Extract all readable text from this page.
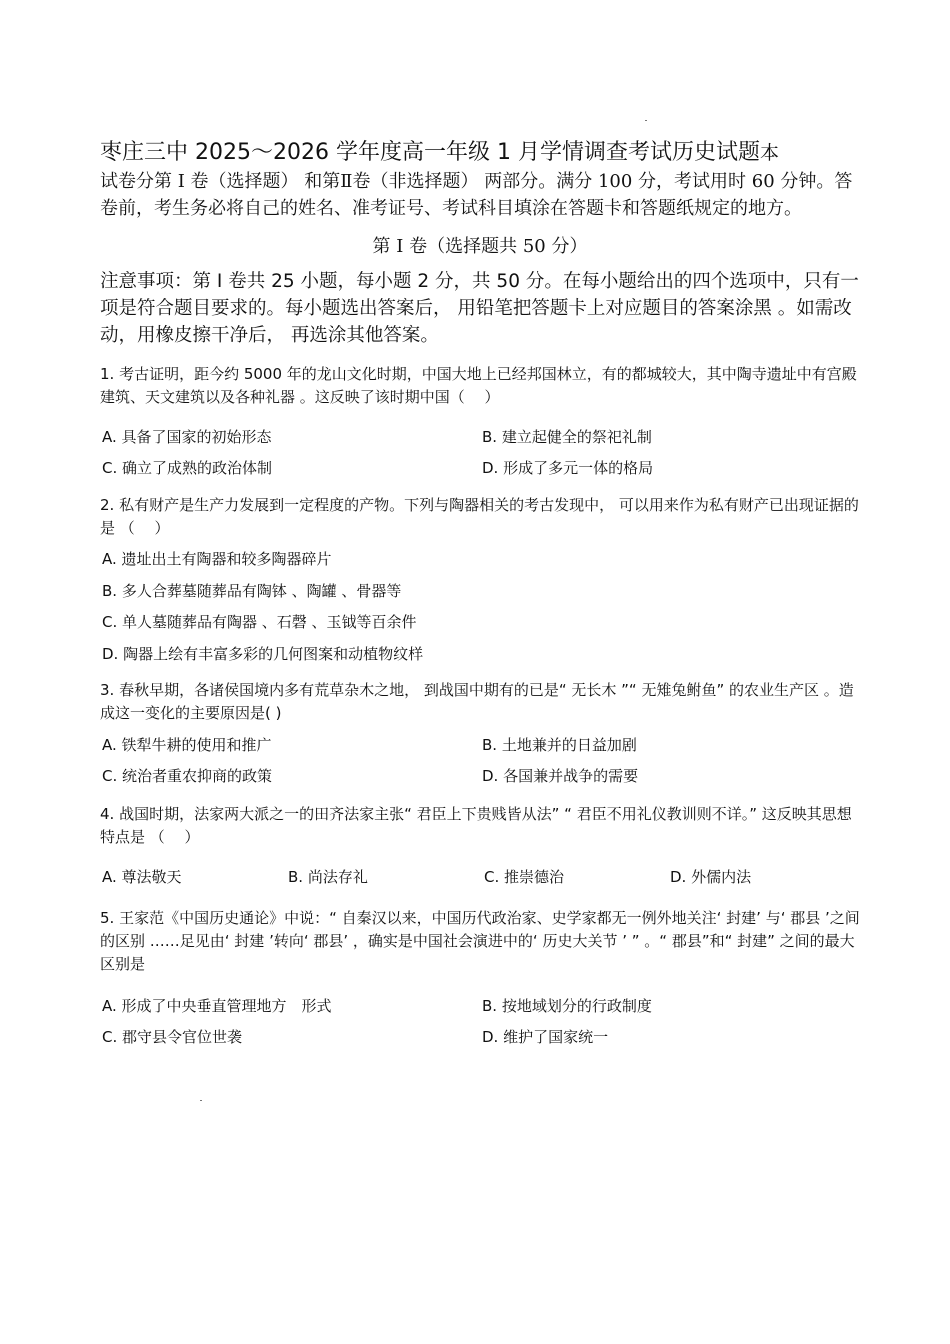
枣庄三中 2025～2026 学年度高一年级 1 月学情调查考试历史试题本
试卷分第 I 卷（选择题） 和第Ⅱ卷（非选择题） 两部分。满分 100 分，考试用时 60 分钟。答卷前，考生务必将自己的姓名、准考证号、考试科目填涂在答题卡和答题纸规定的地方。
第 I 卷（选择题共 50 分）
注意事项：第 I 卷共 25 小题，每小题 2 分，共 50 分。在每小题给出的四个选项中，只有一项是符合题目要求的。每小题选出答案后， 用铅笔把答题卡上对应题目的答案涂黑 。如需改动，用橡皮擦干净后， 再选涂其他答案。
1. 考古证明，距今约 5000 年的龙山文化时期，中国大地上已经邦国林立，有的都城较大，其中陶寺遗址中有宫殿建筑、天文建筑以及各种礼器 。这反映了该时期中国（　 ）
A. 具备了国家的初始形态	B. 建立起健全的祭祀礼制
C. 确立了成熟的政治体制	D. 形成了多元一体的格局
2. 私有财产是生产力发展到一定程度的产物。下列与陶器相关的考古发现中， 可以用来作为私有财产已出现证据的是 （　 ）
A. 遗址出土有陶器和较多陶器碎片
B. 多人合葬墓随葬品有陶钵 、陶罐 、骨器等
C. 单人墓随葬品有陶器 、石磬 、玉钺等百余件
D. 陶器上绘有丰富多彩的几何图案和动植物纹样
3. 春秋早期，各诸侯国境内多有荒草杂木之地， 到战国中期有的已是“ 无长木 ”“ 无雉兔鲋鱼” 的农业生产区 。造成这一变化的主要原因是( )
A. 铁犁牛耕的使用和推广	B. 土地兼并的日益加剧
C. 统治者重农抑商的政策	D. 各国兼并战争的需要
4. 战国时期，法家两大派之一的田齐法家主张“ 君臣上下贵贱皆从法” “ 君臣不用礼仪教训则不详。” 这反映其思想特点是 （　 ）
A. 尊法敬天	B. 尚法存礼	C. 推崇德治	D. 外儒内法
5. 王家范《中国历史通论》中说：“ 自秦汉以来，中国历代政治家、史学家都无一例外地关注‘ 封建’ 与‘ 郡县 ’之间的区别 ……足见由‘ 封建 ’转向‘ 郡县’ ，确实是中国社会演进中的‘ 历史大关节 ’ ” 。“ 郡县”和“ 封建” 之间的最大区别是
A. 形成了中央垂直管理地方　形式	B. 按地域划分的行政制度
C. 郡守县令官位世袭	D. 维护了国家统一
